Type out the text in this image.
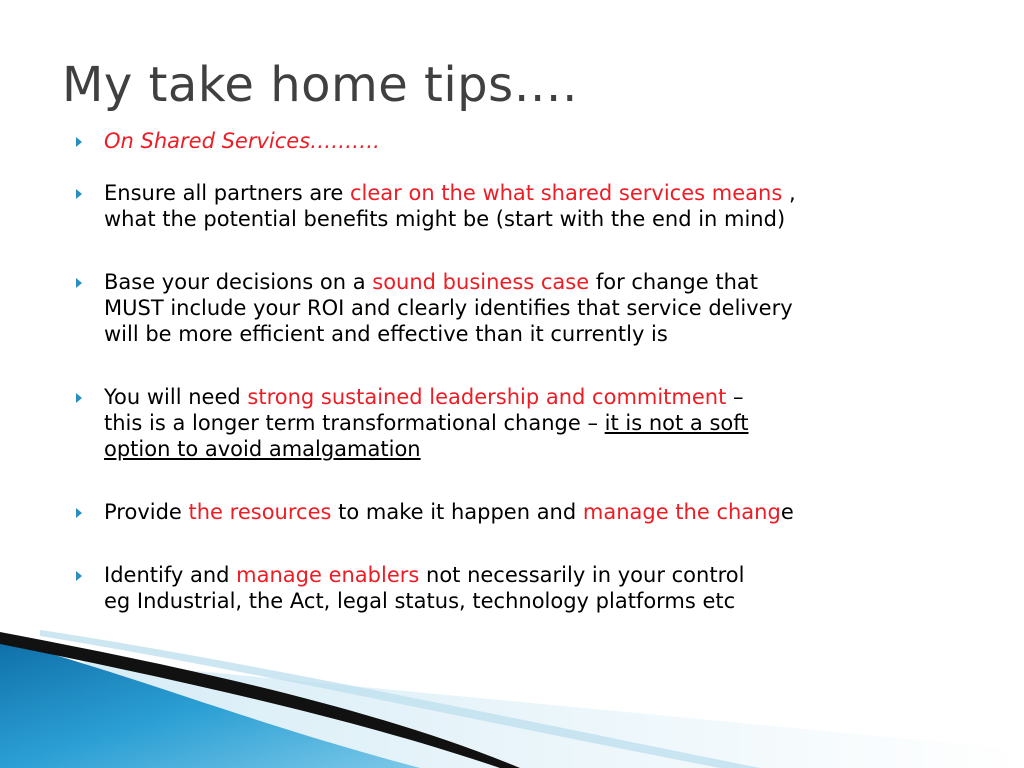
My take home tips….
On Shared Services……….
Ensure all partners are clear on the what shared services means ,
what the potential benefits might be (start with the end in mind)
Base your decisions on a sound business case for change that
MUST include your ROI and clearly identifies that service delivery
will be more efficient and effective than it currently is
You will need strong sustained leadership and commitment –
this is a longer term transformational change – it is not a soft
option to avoid amalgamation
Provide the resources to make it happen and manage the change
Identify and manage enablers not necessarily in your control
eg Industrial, the Act, legal status, technology platforms etc
